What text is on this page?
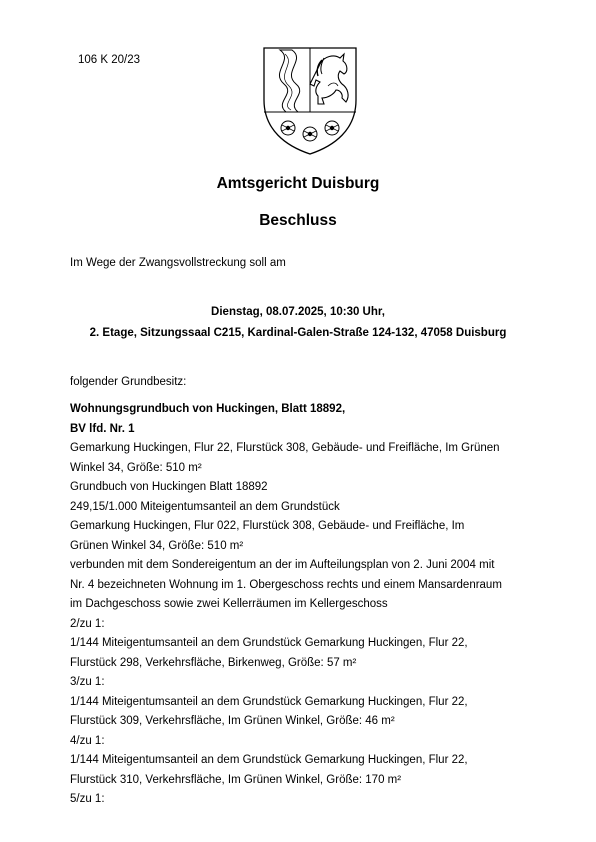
106 K 20/23
Amtsgericht Duisburg
Beschluss
Im Wege der Zwangsvollstreckung soll am
Dienstag, 08.07.2025, 10:30 Uhr,
2. Etage, Sitzungssaal C215, Kardinal-Galen-Straße 124-132, 47058 Duisburg
folgender Grundbesitz:
Wohnungsgrundbuch von Huckingen, Blatt 18892,
BV lfd. Nr. 1
Gemarkung Huckingen, Flur 22, Flurstück 308, Gebäude- und Freifläche, Im Grünen
Winkel 34, Größe: 510 m²
Grundbuch von Huckingen Blatt 18892
249,15/1.000 Miteigentumsanteil an dem Grundstück
Gemarkung Huckingen, Flur 022, Flurstück 308, Gebäude- und Freifläche, Im
Grünen Winkel 34, Größe: 510 m²
verbunden mit dem Sondereigentum an der im Aufteilungsplan von 2. Juni 2004 mit
Nr. 4 bezeichneten Wohnung im 1. Obergeschoss rechts und einem Mansardenraum
im Dachgeschoss sowie zwei Kellerräumen im Kellergeschoss
2/zu 1:
1/144 Miteigentumsanteil an dem Grundstück Gemarkung Huckingen, Flur 22,
Flurstück 298, Verkehrsfläche, Birkenweg, Größe: 57 m²
3/zu 1:
1/144 Miteigentumsanteil an dem Grundstück Gemarkung Huckingen, Flur 22,
Flurstück 309, Verkehrsfläche, Im Grünen Winkel, Größe: 46 m²
4/zu 1:
1/144 Miteigentumsanteil an dem Grundstück Gemarkung Huckingen, Flur 22,
Flurstück 310, Verkehrsfläche, Im Grünen Winkel, Größe: 170 m²
5/zu 1:
